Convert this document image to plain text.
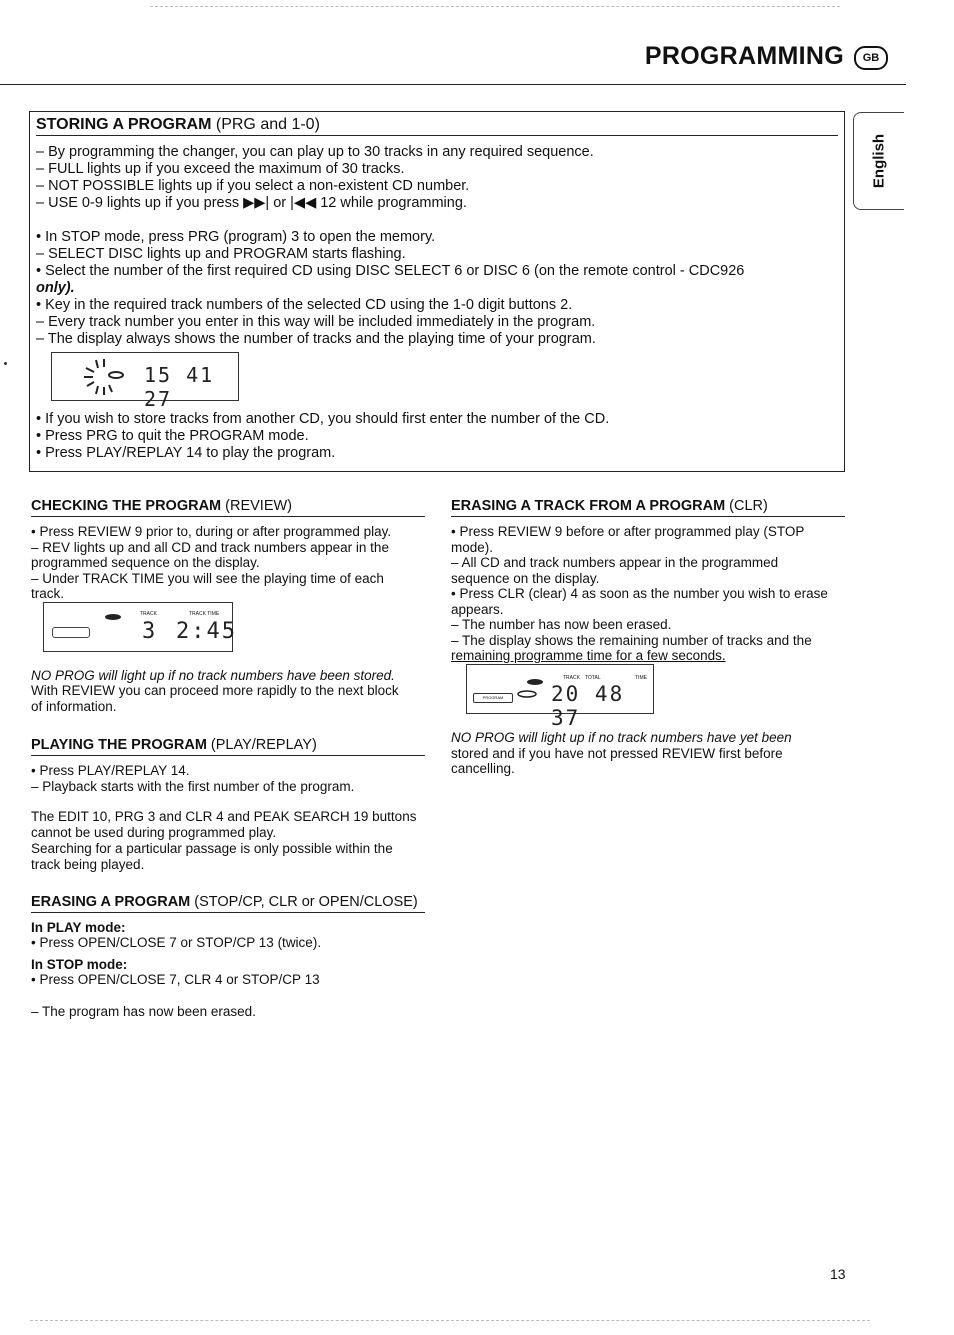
PROGRAMMING	GB
English
STORING A PROGRAM (PRG and 1-0)
– By programming the changer, you can play up to 30 tracks in any required sequence.
– FULL lights up if you exceed the maximum of 30 tracks.
– NOT POSSIBLE lights up if you select a non-existent CD number.
– USE 0-9 lights up if you press ▶▶| or |◀◀ 12 while programming.
• In STOP mode, press PRG (program) 3 to open the memory.
– SELECT DISC lights up and PROGRAM starts flashing.
• Select the number of the first required CD using DISC SELECT 6 or DISC 6 (on the remote control - CDC926
only).
• Key in the required track numbers of the selected CD using the 1-0 digit buttons 2.
– Every track number you enter in this way will be included immediately in the program.
– The display always shows the number of tracks and the playing time of your program.
15 41 27
• If you wish to store tracks from another CD, you should first enter the number of the CD.
• Press PRG to quit the PROGRAM mode.
• Press PLAY/REPLAY 14 to play the program.
CHECKING THE PROGRAM (REVIEW)
• Press REVIEW 9 prior to, during or after programmed play.
– REV lights up and all CD and track numbers appear in the
programmed sequence on the display.
– Under TRACK TIME you will see the playing time of each
track.
TRACK	TRACK TIME
3 2:45
NO PROG will light up if no track numbers have been stored.
With REVIEW you can proceed more rapidly to the next block
of information.
PLAYING THE PROGRAM (PLAY/REPLAY)
• Press PLAY/REPLAY 14.
– Playback starts with the first number of the program.
The EDIT 10, PRG 3 and CLR 4 and PEAK SEARCH 19 buttons
cannot be used during programmed play.
Searching for a particular passage is only possible within the
track being played.
ERASING A PROGRAM (STOP/CP, CLR or OPEN/CLOSE)
In PLAY mode:
• Press OPEN/CLOSE 7 or STOP/CP 13 (twice).
In STOP mode:
• Press OPEN/CLOSE 7, CLR 4 or STOP/CP 13
– The program has now been erased.
ERASING A TRACK FROM A PROGRAM (CLR)
• Press REVIEW 9 before or after programmed play (STOP
mode).
– All CD and track numbers appear in the programmed
sequence on the display.
• Press CLR (clear) 4 as soon as the number you wish to erase
appears.
– The number has now been erased.
– The display shows the remaining number of tracks and the
remaining programme time for a few seconds.
PROGRAM
TRACK TOTAL	TIME
20 48 37
NO PROG will light up if no track numbers have yet been
stored and if you have not pressed REVIEW first before
cancelling.
13
